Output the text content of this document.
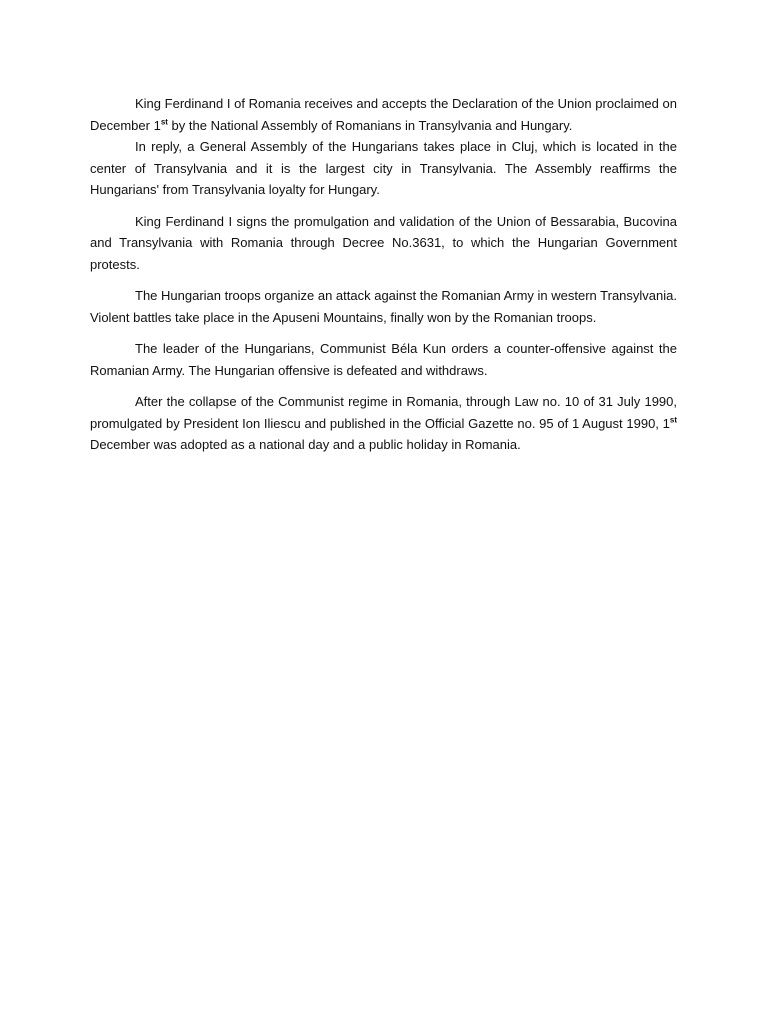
King Ferdinand I of Romania receives and accepts the Declaration of the Union proclaimed on December 1st by the National Assembly of Romanians in Transylvania and Hungary.

In reply, a General Assembly of the Hungarians takes place in Cluj, which is located in the center of Transylvania and it is the largest city in Transylvania. The Assembly reaffirms the Hungarians' from Transylvania loyalty for Hungary.

King Ferdinand I signs the promulgation and validation of the Union of Bessarabia, Bucovina and Transylvania with Romania through Decree No.3631, to which the Hungarian Government protests.

The Hungarian troops organize an attack against the Romanian Army in western Transylvania. Violent battles take place in the Apuseni Mountains, finally won by the Romanian troops.

The leader of the Hungarians, Communist Béla Kun orders a counter-offensive against the Romanian Army. The Hungarian offensive is defeated and withdraws.

After the collapse of the Communist regime in Romania, through Law no. 10 of 31 July 1990, promulgated by President Ion Iliescu and published in the Official Gazette no. 95 of 1 August 1990, 1st December was adopted as a national day and a public holiday in Romania.
